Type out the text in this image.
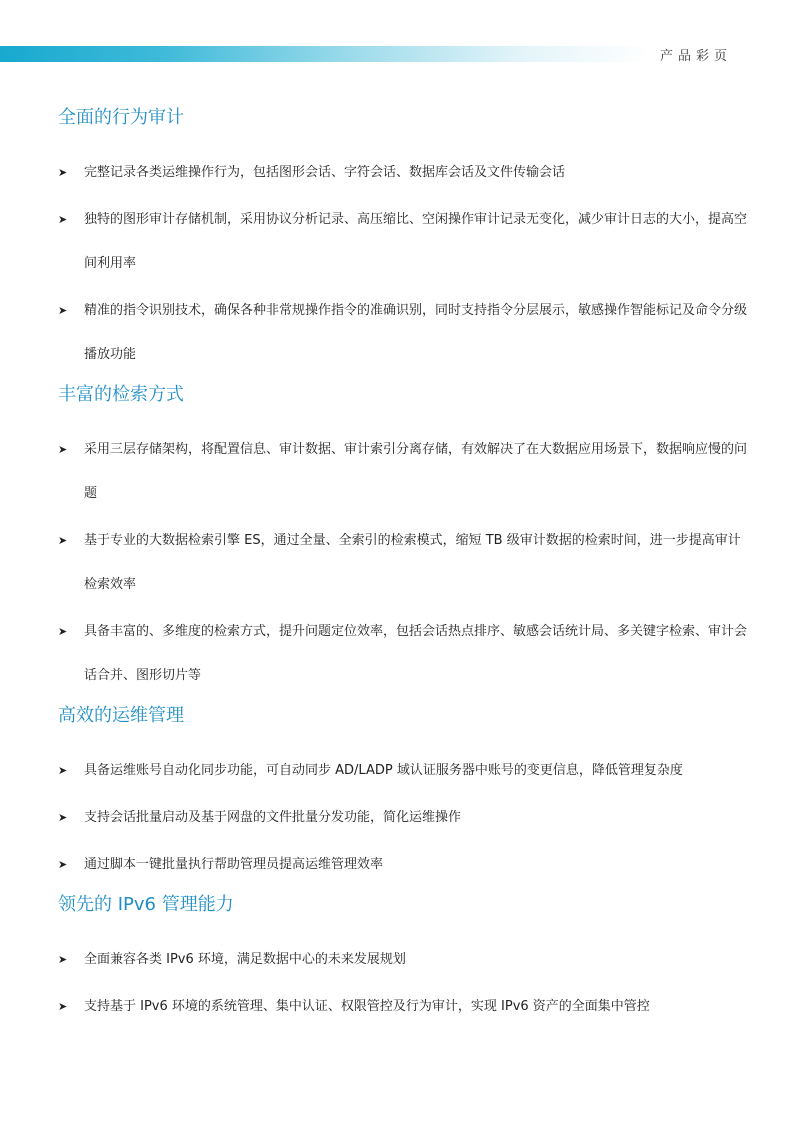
产品彩页
全面的行为审计
➤ 完整记录各类运维操作行为，包括图形会话、字符会话、数据库会话及文件传输会话
➤ 独特的图形审计存储机制，采用协议分析记录、高压缩比、空闲操作审计记录无变化，减少审计日志的大小，提高空间利用率
➤ 精准的指令识别技术，确保各种非常规操作指令的准确识别，同时支持指令分层展示，敏感操作智能标记及命令分级播放功能
丰富的检索方式
➤ 采用三层存储架构，将配置信息、审计数据、审计索引分离存储，有效解决了在大数据应用场景下，数据响应慢的问题
➤ 基于专业的大数据检索引擎 ES，通过全量、全索引的检索模式，缩短 TB 级审计数据的检索时间，进一步提高审计检索效率
➤ 具备丰富的、多维度的检索方式，提升问题定位效率，包括会话热点排序、敏感会话统计局、多关键字检索、审计会话合并、图形切片等
高效的运维管理
➤ 具备运维账号自动化同步功能，可自动同步 AD/LADP 域认证服务器中账号的变更信息，降低管理复杂度
➤ 支持会话批量启动及基于网盘的文件批量分发功能，简化运维操作
➤ 通过脚本一键批量执行帮助管理员提高运维管理效率
领先的 IPv6 管理能力
➤ 全面兼容各类 IPv6 环境，满足数据中心的未来发展规划
➤ 支持基于 IPv6 环境的系统管理、集中认证、权限管控及行为审计，实现 IPv6 资产的全面集中管控
